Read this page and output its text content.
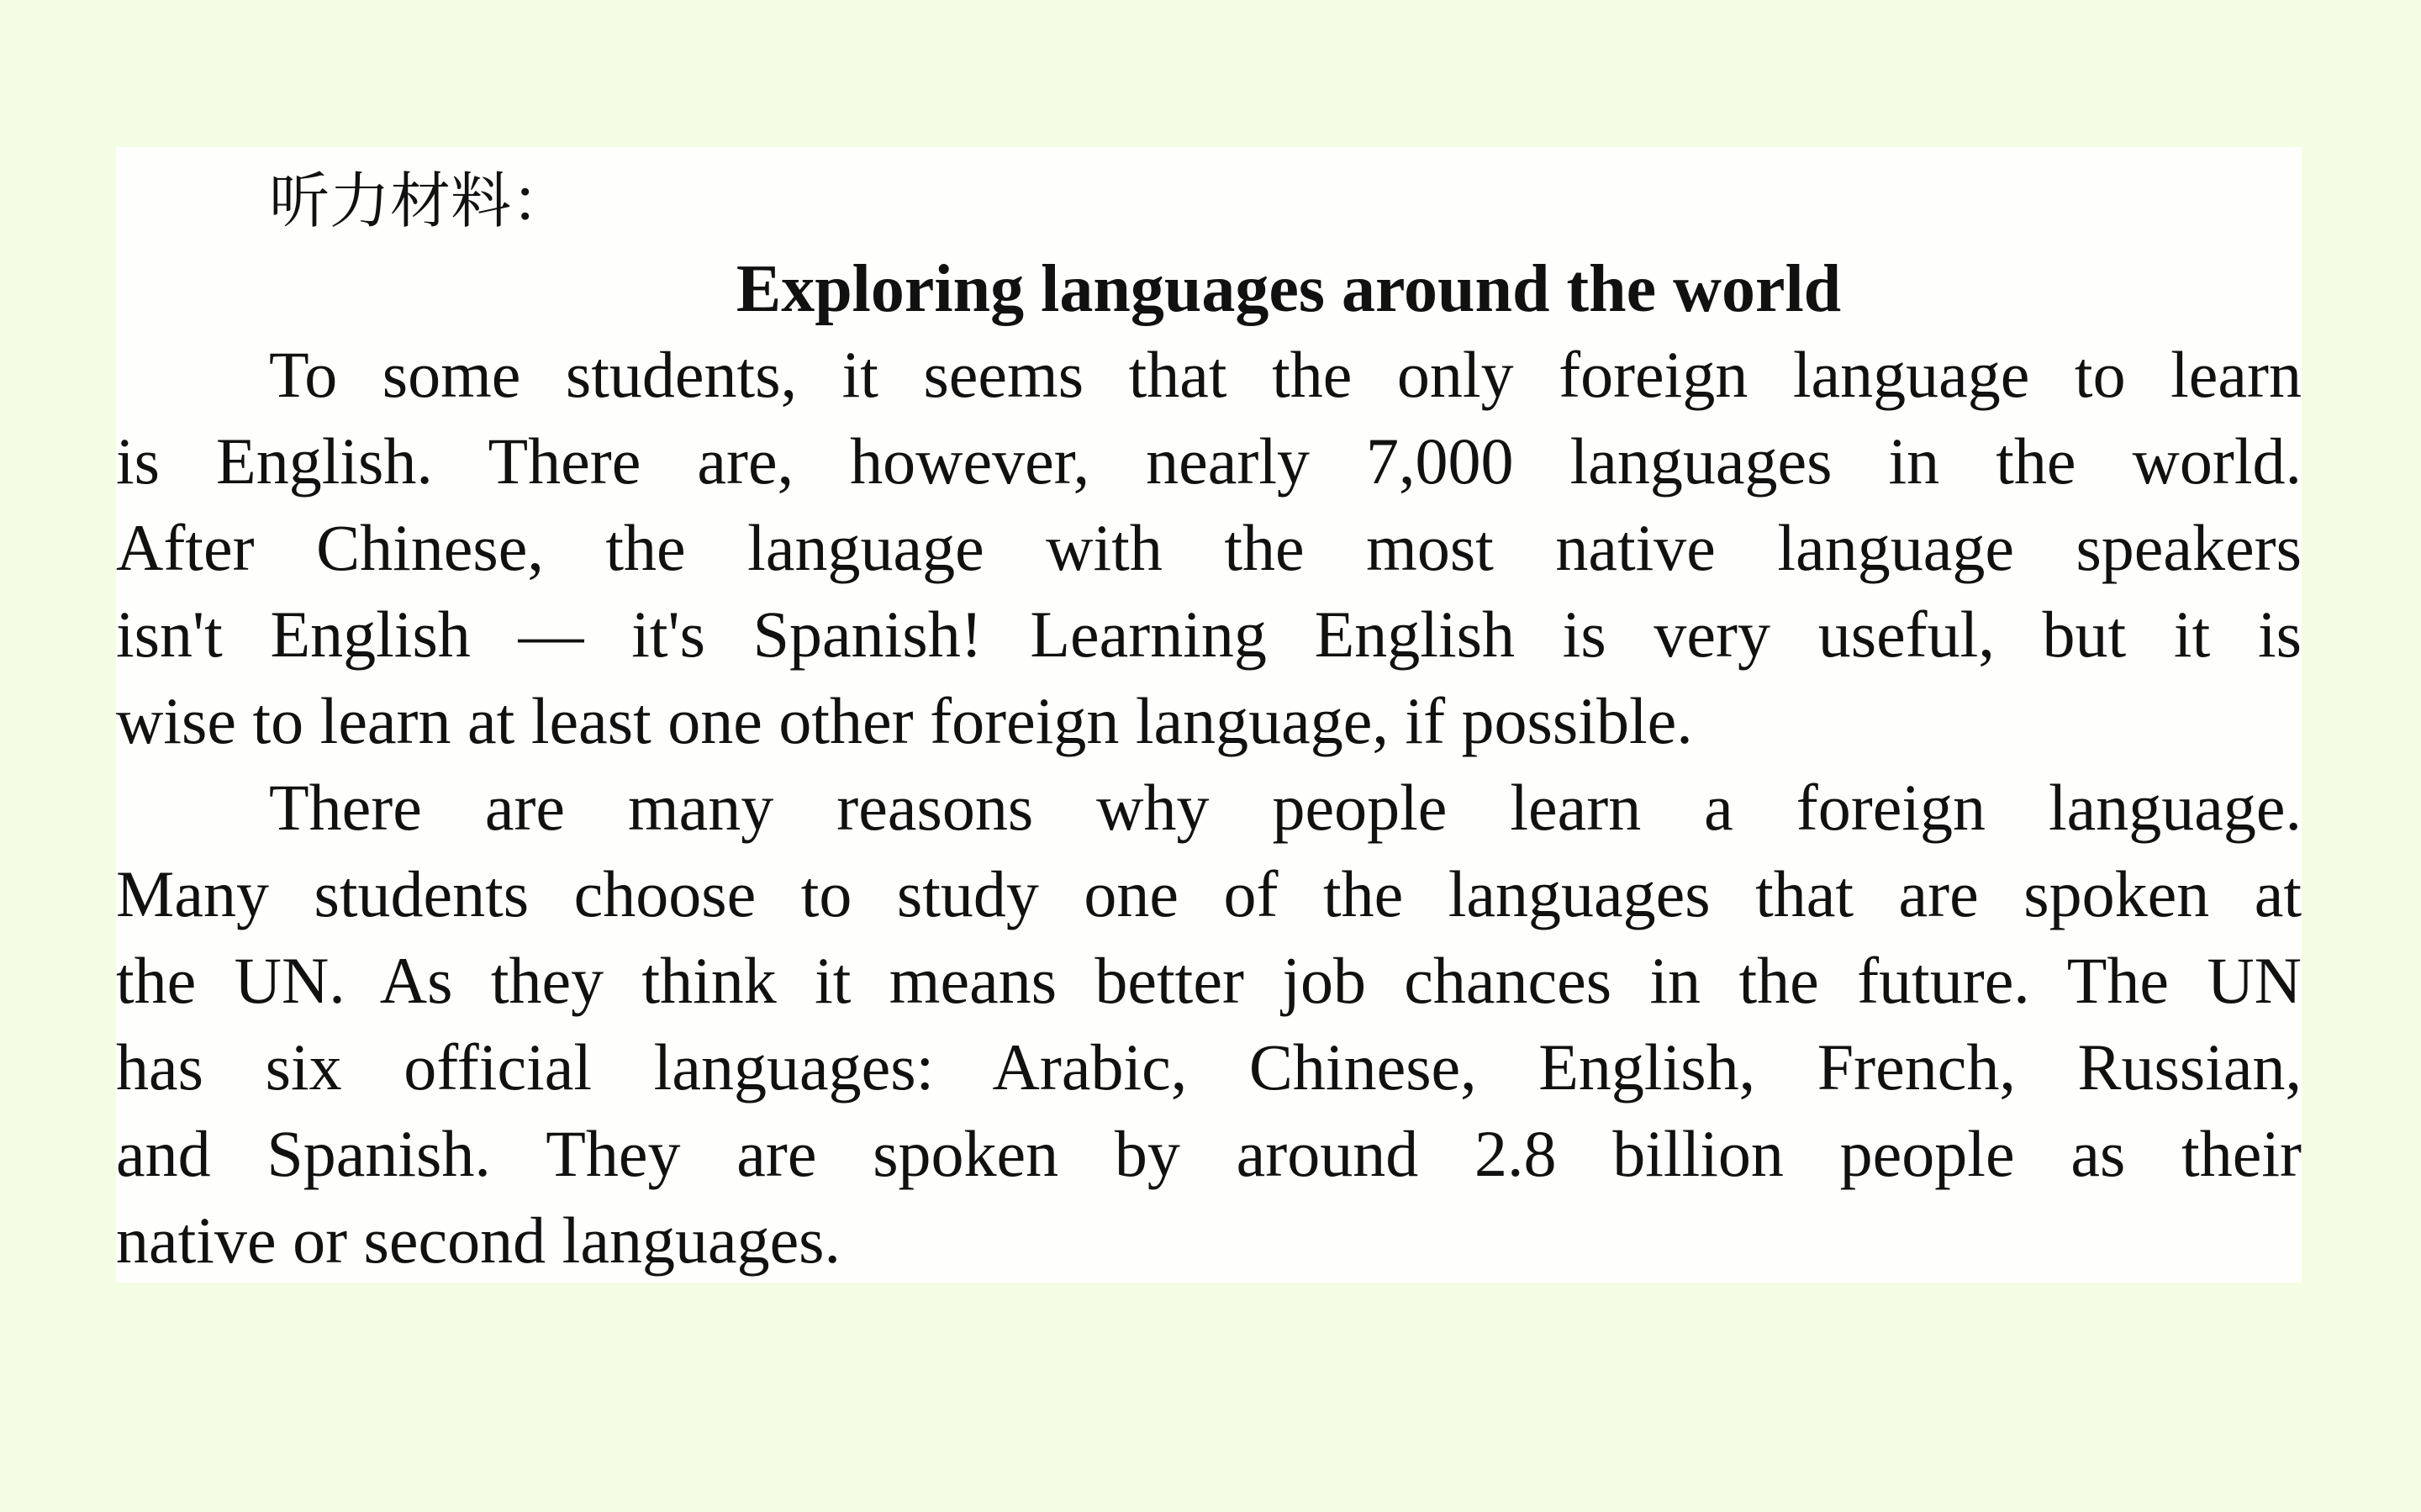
听力材料：
Exploring languages around the world
To some students, it seems that the only foreign language to learn
is English. There are, however, nearly 7,000 languages in the world.
After Chinese, the language with the most native language speakers
isn't English — it's Spanish! Learning English is very useful, but it is
wise to learn at least one other foreign language, if possible.
There are many reasons why people learn a foreign language.
Many students choose to study one of the languages that are spoken at
the UN. As they think it means better job chances in the future. The UN
has six official languages: Arabic, Chinese, English, French, Russian,
and Spanish. They are spoken by around 2.8 billion people as their
native or second languages.
